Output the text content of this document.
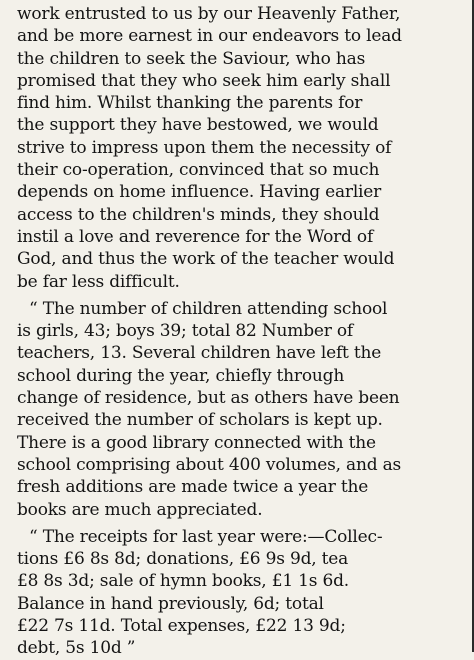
work entrusted to us by our Heavenly Father,
and be more earnest in our endeavors to lead
the children to seek the Saviour, who has
promised that they who seek him early shall
find him. Whilst thanking the parents for
the support they have bestowed, we would
strive to impress upon them the necessity of
their co-operation, convinced that so much
depends on home influence. Having earlier
access to the children's minds, they should
instil a love and reverence for the Word of
God, and thus the work of the teacher would
be far less difficult.
“ The number of children attending school
is girls, 43; boys 39; total 82 Number of
teachers, 13. Several children have left the
school during the year, chiefly through
change of residence, but as others have been
received the number of scholars is kept up.
There is a good library connected with the
school comprising about 400 volumes, and as
fresh additions are made twice a year the
books are much appreciated.
“ The receipts for last year were:—Collec-
tions £6 8s 8d; donations, £6 9s 9d, tea
£8 8s 3d; sale of hymn books, £1 1s 6d.
Balance in hand previously, 6d; total
£22 7s 11d. Total expenses, £22 13 9d;
debt, 5s 10d ”
